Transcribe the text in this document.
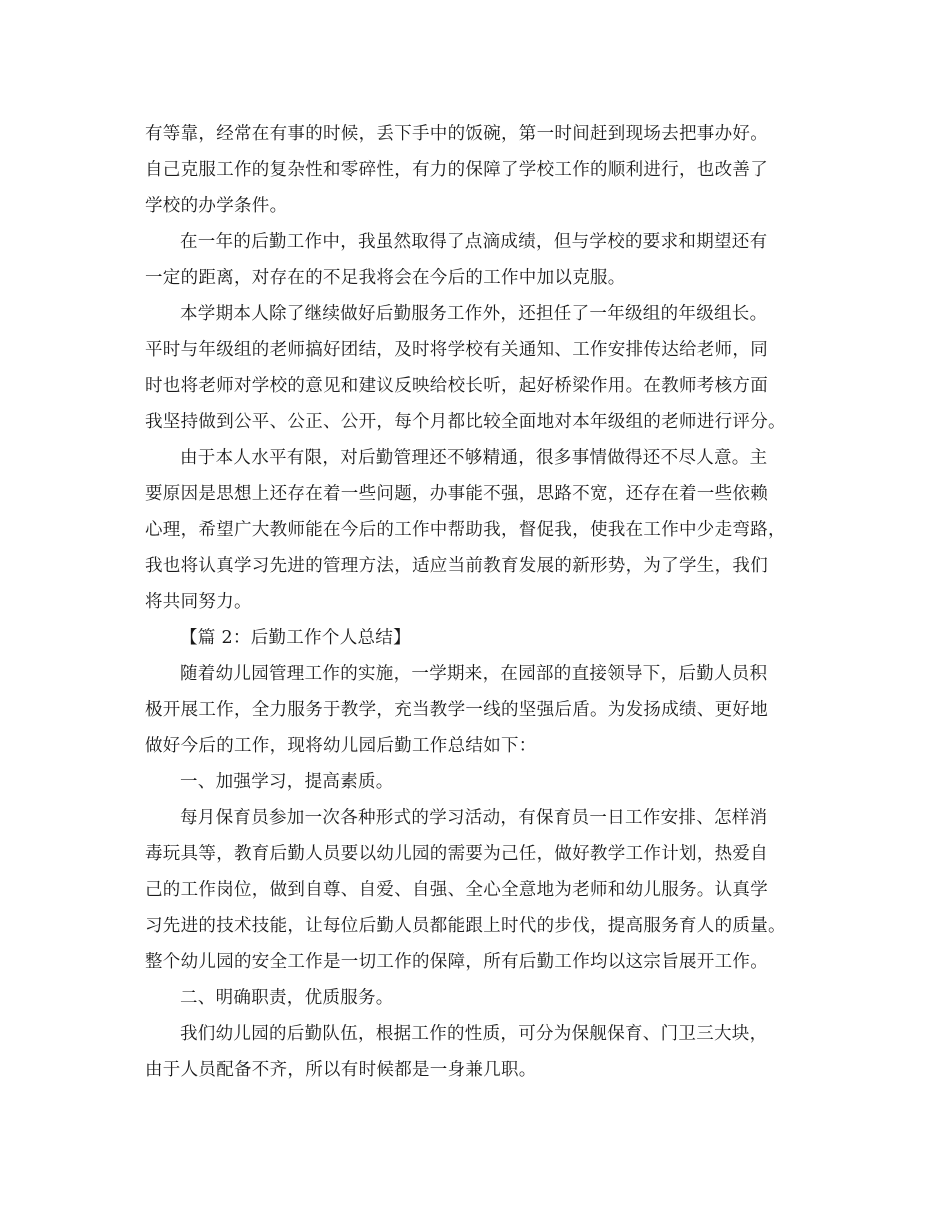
有等靠，经常在有事的时候，丢下手中的饭碗，第一时间赶到现场去把事办好。
自己克服工作的复杂性和零碎性，有力的保障了学校工作的顺利进行，也改善了
学校的办学条件。
在一年的后勤工作中，我虽然取得了点滴成绩，但与学校的要求和期望还有
一定的距离，对存在的不足我将会在今后的工作中加以克服。
本学期本人除了继续做好后勤服务工作外，还担任了一年级组的年级组长。
平时与年级组的老师搞好团结，及时将学校有关通知、工作安排传达给老师，同
时也将老师对学校的意见和建议反映给校长听，起好桥梁作用。在教师考核方面
我坚持做到公平、公正、公开，每个月都比较全面地对本年级组的老师进行评分。
由于本人水平有限，对后勤管理还不够精通，很多事情做得还不尽人意。主
要原因是思想上还存在着一些问题，办事能不强，思路不宽，还存在着一些依赖
心理，希望广大教师能在今后的工作中帮助我，督促我，使我在工作中少走弯路，
我也将认真学习先进的管理方法，适应当前教育发展的新形势，为了学生，我们
将共同努力。
【篇 2：后勤工作个人总结】
随着幼儿园管理工作的实施，一学期来，在园部的直接领导下，后勤人员积
极开展工作，全力服务于教学，充当教学一线的坚强后盾。为发扬成绩、更好地
做好今后的工作，现将幼儿园后勤工作总结如下：
一、加强学习，提高素质。
每月保育员参加一次各种形式的学习活动，有保育员一日工作安排、怎样消
毒玩具等，教育后勤人员要以幼儿园的需要为己任，做好教学工作计划，热爱自
己的工作岗位，做到自尊、自爱、自强、全心全意地为老师和幼儿服务。认真学
习先进的技术技能，让每位后勤人员都能跟上时代的步伐，提高服务育人的质量。
整个幼儿园的安全工作是一切工作的保障，所有后勤工作均以这宗旨展开工作。
二、明确职责，优质服务。
我们幼儿园的后勤队伍，根据工作的性质，可分为保舰保育、门卫三大块，
由于人员配备不齐，所以有时候都是一身兼几职。
